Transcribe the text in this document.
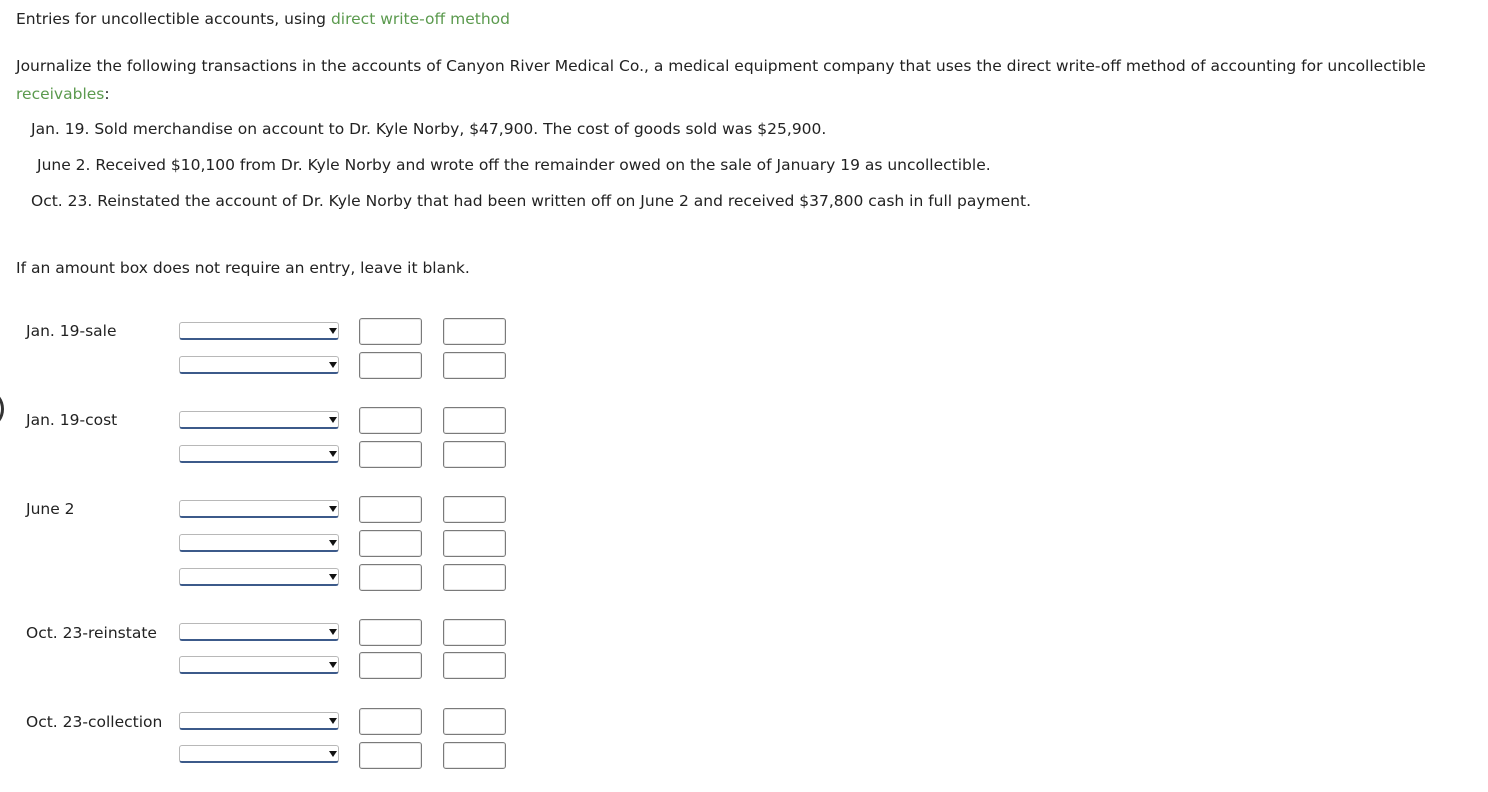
Entries for uncollectible accounts, using direct write-off method
Journalize the following transactions in the accounts of Canyon River Medical Co., a medical equipment company that uses the direct write-off method of accounting for uncollectible receivables:
Jan. 19. Sold merchandise on account to Dr. Kyle Norby, $47,900. The cost of goods sold was $25,900.
June 2. Received $10,100 from Dr. Kyle Norby and wrote off the remainder owed on the sale of January 19 as uncollectible.
Oct. 23. Reinstated the account of Dr. Kyle Norby that had been written off on June 2 and received $37,800 cash in full payment.
If an amount box does not require an entry, leave it blank.
Jan. 19-sale
Jan. 19-cost
June 2
Oct. 23-reinstate
Oct. 23-collection
